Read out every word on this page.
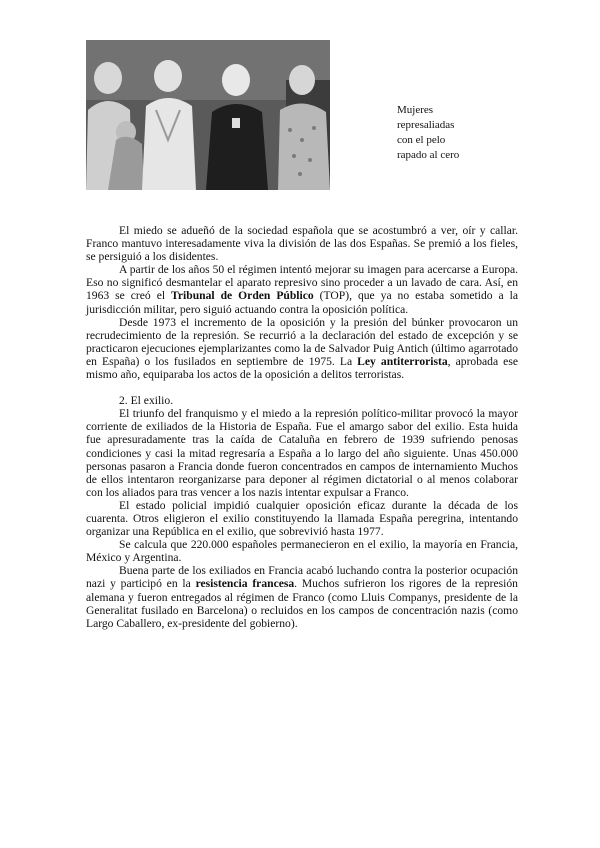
Mujeres
represaliadas
con el pelo
rapado al cero

El miedo se adueñó de la sociedad española que se acostumbró a ver, oír y callar. Franco mantuvo interesadamente viva la división de las dos Españas. Se premió a los fieles, se persiguió a los disidentes.

A partir de los años 50 el régimen intentó mejorar su imagen para acercarse a Europa. Eso no significó desmantelar el aparato represivo sino proceder a un lavado de cara. Así, en 1963 se creó el Tribunal de Orden Público (TOP), que ya no estaba sometido a la jurisdicción militar, pero siguió actuando contra la oposición política.

Desde 1973 el incremento de la oposición y la presión del búnker provocaron un recrudecimiento de la represión. Se recurrió a la declaración del estado de excepción y se practicaron ejecuciones ejemplarizantes como la de Salvador Puig Antich (último agarrotado en España) o los fusilados en septiembre de 1975. La Ley antiterrorista, aprobada ese mismo año, equiparaba los actos de la oposición a delitos terroristas.

2. El exilio.

El triunfo del franquismo y el miedo a la represión político-militar provocó la mayor corriente de exiliados de la Historia de España. Fue el amargo sabor del exilio. Esta huida fue apresuradamente tras la caída de Cataluña en febrero de 1939 sufriendo penosas condiciones y casi la mitad regresaría a España a lo largo del año siguiente. Unas 450.000 personas pasaron a Francia donde fueron concentrados en campos de internamiento Muchos de ellos intentaron reorganizarse para deponer al régimen dictatorial o al menos colaborar con los aliados para tras vencer a los nazis intentar expulsar a Franco.

El estado policial impidió cualquier oposición eficaz durante la década de los cuarenta. Otros eligieron el exilio constituyendo la llamada España peregrina, intentando organizar una República en el exilio, que sobrevivió hasta 1977.

Se calcula que 220.000 españoles permanecieron en el exilio, la mayoría en Francia, México y Argentina.

Buena parte de los exiliados en Francia acabó luchando contra la posterior ocupación nazi y participó en la resistencia francesa. Muchos sufrieron los rigores de la represión alemana y fueron entregados al régimen de Franco (como Lluis Companys, presidente de la Generalitat fusilado en Barcelona) o recluidos en los campos de concentración nazis (como Largo Caballero, ex-presidente del gobierno).
